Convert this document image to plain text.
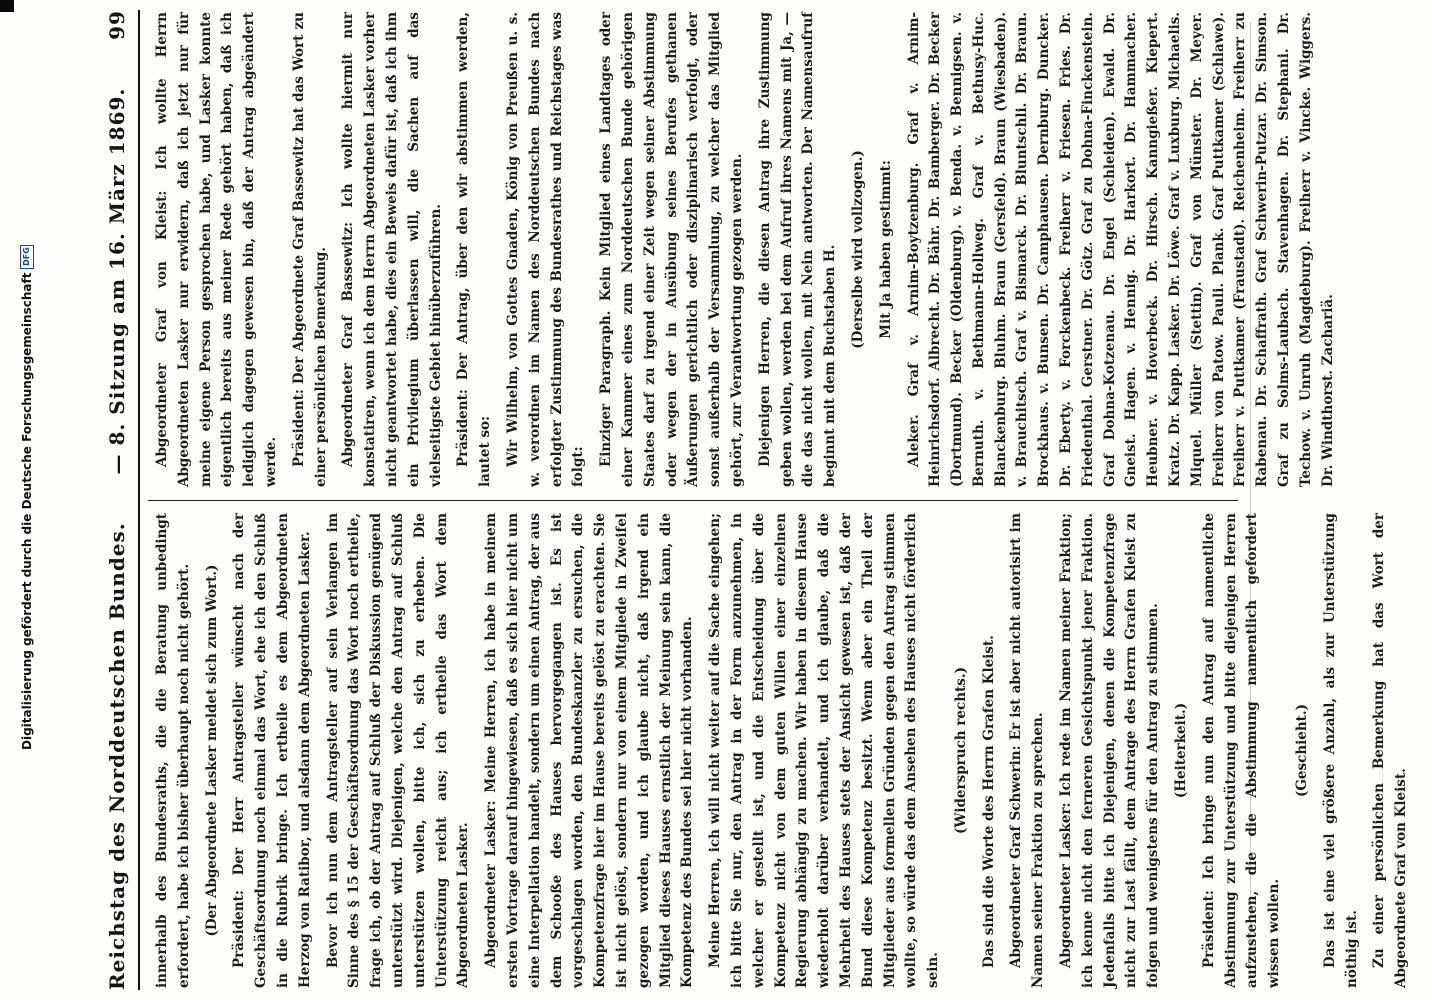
Digitalisierung gefördert durch die Deutsche Forschungsgemeinschaft
DFG
Reichstag des Norddeutschen Bundes.
— 8. Sitzung am 16. März 1869.
99

innerhalb des Bundesraths, die die Beratung unbedingt erfordert, habe ich bisher überhaupt noch nicht gehört. (Der Abgeordnete Lasker meldet sich zum Wort.) Präsident: Der Herr Antragsteller wünscht nach der Geschäftsordnung noch einmal das Wort, ehe ich den Schluß in die Rubrik bringe. Ich ertheile es dem Abgeordneten Herzog von Ratibor, und alsdann dem Abgeordneten Lasker. Bevor ich nun dem Antragsteller auf sein Verlangen im Sinne des § 15 der Geschäftsordnung das Wort noch ertheile, frage ich, ob der Antrag auf Schluß der Diskussion genügend unterstützt wird. Diejenigen, welche den Antrag auf Schluß unterstützen wollen, bitte ich, sich zu erheben. Die Unterstützung reicht aus; ich ertheile das Wort dem Abgeordneten Lasker. Abgeordneter Lasker: Meine Herren, ich habe in meinem ersten Vortrage darauf hingewiesen, daß es sich hier nicht um eine Interpellation handelt, sondern um einen Antrag, der aus dem Schooße des Hauses hervorgegangen ist. Es ist vorgeschlagen worden, den Bundeskanzler zu ersuchen, die Kompetenzfrage hier im Hause bereits gelöst zu erachten. Sie ist nicht gelöst, sondern nur von einem Mitgliede in Zweifel gezogen worden, und ich glaube nicht, daß irgend ein Mitglied dieses Hauses ernstlich der Meinung sein kann, die Kompetenz des Bundes sei hier nicht vorhanden. Meine Herren, ich will nicht weiter auf die Sache eingehen; ich bitte Sie nur, den Antrag in der Form anzunehmen, in welcher er gestellt ist, und die Entscheidung über die Kompetenz nicht von dem guten Willen einer einzelnen Regierung abhängig zu machen. Wir haben in diesem Hause wiederholt darüber verhandelt, und ich glaube, daß die Mehrheit des Hauses stets der Ansicht gewesen ist, daß der Bund diese Kompetenz besitzt. Wenn aber ein Theil der Mitglieder aus formellen Gründen gegen den Antrag stimmen wollte, so würde das dem Ansehen des Hauses nicht förderlich sein.

(Widerspruch rechts.) Das sind die Worte des Herrn Grafen Kleist. Abgeordneter Graf Schwerin: Er ist aber nicht autorisirt im Namen seiner Fraktion zu sprechen. Abgeordneter Lasker: Ich rede im Namen meiner Fraktion; ich kenne nicht den ferneren Gesichtspunkt jener Fraktion. Jedenfalls bitte ich Diejenigen, denen die Kompetenzfrage nicht zur Last fällt, dem Antrage des Herrn Grafen Kleist zu folgen und wenigstens für den Antrag zu stimmen. (Heiterkeit.) Präsident: Ich bringe nun den Antrag auf namentliche Abstimmung zur Unterstützung und bitte diejenigen Herren aufzustehen, die die Abstimmung namentlich gefordert wissen wollen.

(Geschieht.) Das ist eine viel größere Anzahl, als zur Unterstützung nöthig ist. Zu einer persönlichen Bemerkung hat das Wort der Abgeordnete Graf von Kleist.

Abgeordneter Graf von Kleist: Ich wollte Herrn Abgeordneten Lasker nur erwidern, daß ich jetzt nur für meine eigene Person gesprochen habe, und Lasker konnte eigentlich bereits aus meiner Rede gehört haben, daß ich lediglich dagegen gewesen bin, daß der Antrag abgeändert werde. Präsident: Der Abgeordnete Graf Bassewitz hat das Wort zu einer persönlichen Bemerkung. Abgeordneter Graf Bassewitz: Ich wollte hiermit nur konstatiren, wenn ich dem Herrn Abgeordneten Lasker vorher nicht geantwortet habe, dies ein Beweis dafür ist, daß ich ihm ein Privilegium überlassen will, die Sachen auf das vielseitigste Gebiet hinüberzuführen. Präsident: Der Antrag, über den wir abstimmen werden, lautet so: Wir Wilhelm, von Gottes Gnaden, König von Preußen u. s. w. verordnen im Namen des Norddeutschen Bundes nach erfolgter Zustimmung des Bundesrathes und Reichstages was folgt: Einziger Paragraph. Kein Mitglied eines Landtages oder einer Kammer eines zum Norddeutschen Bunde gehörigen Staates darf zu irgend einer Zeit wegen seiner Abstimmung oder wegen der in Ausübung seines Berufes gethanen Äußerungen gerichtlich oder disziplinarisch verfolgt, oder sonst außerhalb der Versammlung, zu welcher das Mitglied gehört, zur Verantwortung gezogen werden. Diejenigen Herren, die diesen Antrag ihre Zustimmung geben wollen, werden bei dem Aufruf ihres Namens mit Ja, — die das nicht wollen, mit Nein antworten. Der Namensaufruf beginnt mit dem Buchstaben H. (Derselbe wird vollzogen.) Mit Ja haben gestimmt: Aleker. Graf v. Arnim-Boytzenburg. Graf v. Arnim-Heinrichsdorf. Albrecht. Dr. Bähr. Dr. Bamberger. Dr. Becker (Dortmund). Becker (Oldenburg). v. Benda. v. Bennigsen. v. Bernuth. v. Bethmann-Hollweg. Graf v. Bethusy-Huc. Blanckenburg. Bluhm. Braun (Gersfeld). Braun (Wiesbaden). v. Brauchitsch. Graf v. Bismarck. Dr. Bluntschli. Dr. Braun. Brockhaus. v. Bunsen. Dr. Camphausen. Dernburg. Duncker. Dr. Eberty. v. Forckenbeck. Freiherr v. Friesen. Fries. Dr. Friedenthal. Gerstner. Dr. Götz. Graf zu Dohna-Finckenstein. Graf Dohna-Kotzenau. Dr. Engel (Schleiden). Ewald. Dr. Gneist. Hagen. v. Hennig. Dr. Harkort. Dr. Hammacher. Heubner. v. Hoverbeck. Dr. Hirsch. Kanngießer. Kiepert. Kratz. Dr. Kapp. Lasker. Dr. Löwe. Graf v. Luxburg. Michaelis. Miquel. Müller (Stettin). Graf von Münster. Dr. Meyer. Freiherr von Patow. Pauli. Plank. Graf Puttkamer (Schlawe). Freiherr v. Puttkamer (Fraustadt). Reichenheim. Freiherr zu Rabenau. Dr. Schaffrath. Graf Schwerin-Putzar. Dr. Simson. Graf zu Solms-Laubach. Stavenhagen. Dr. Stephani. Dr. Techow. v. Unruh (Magdeburg). Freiherr v. Vincke. Wiggers. Dr. Windthorst. Zachariä.
